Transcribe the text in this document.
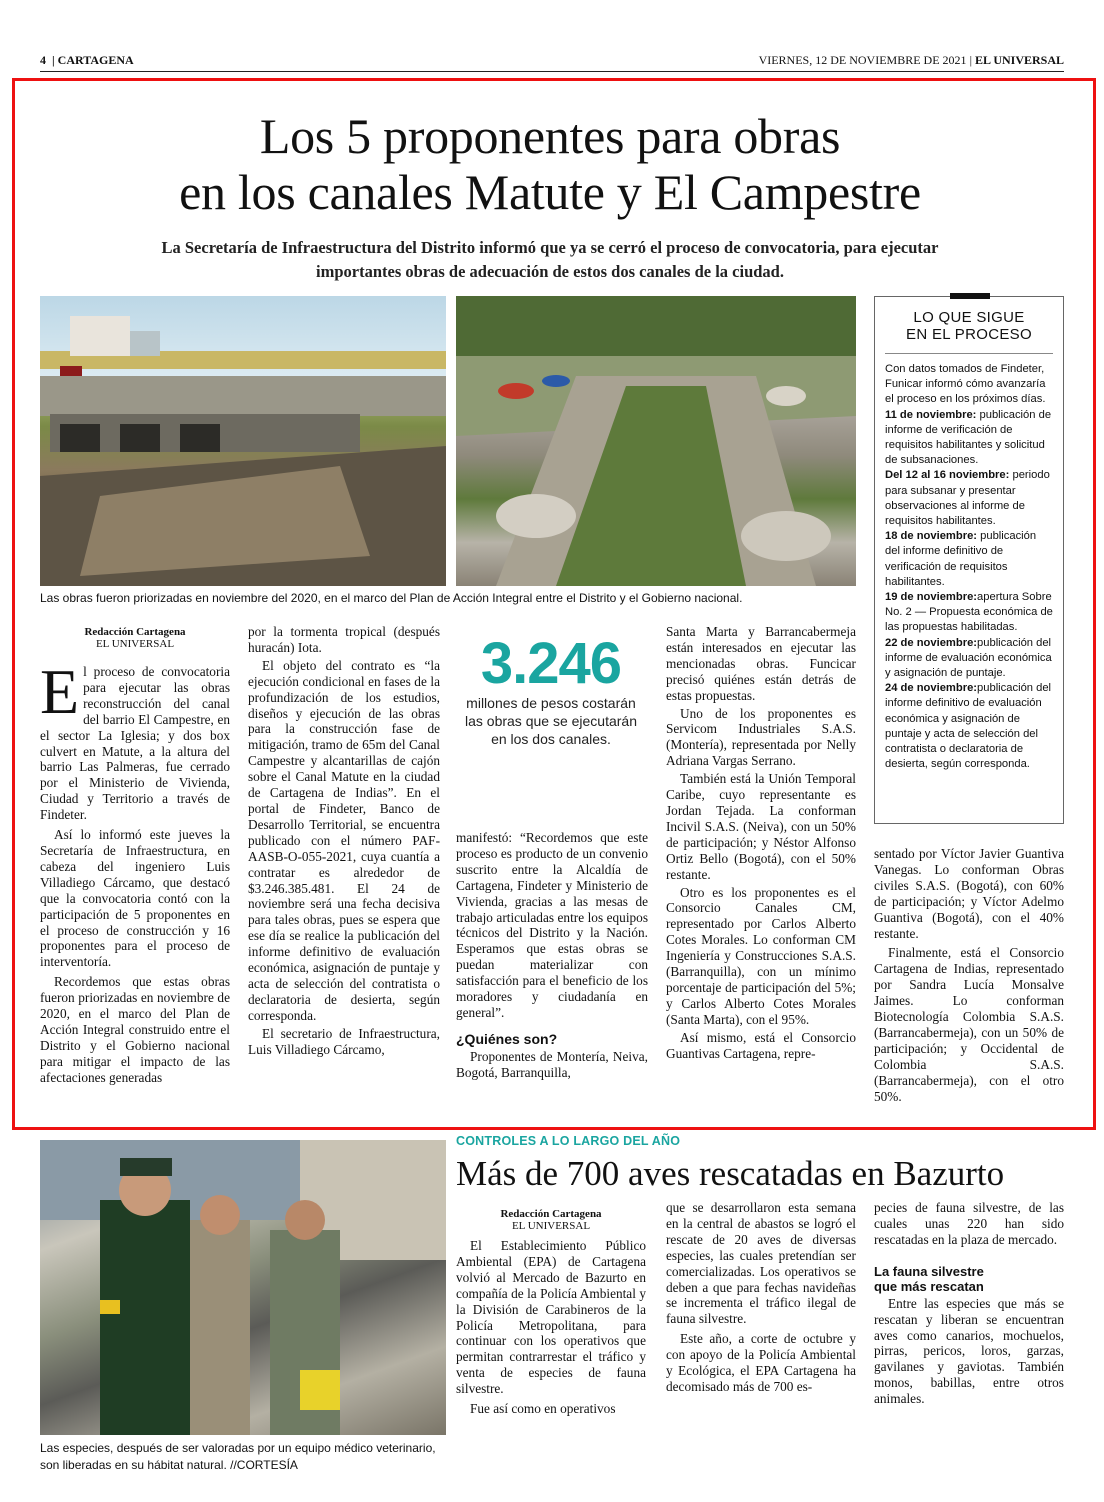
4  | CARTAGENA	VIERNES, 12 DE NOVIEMBRE DE 2021 | EL UNIVERSAL
Los 5 proponentes para obras
en los canales Matute y El Campestre
La Secretaría de Infraestructura del Distrito informó que ya se cerró el proceso de convocatoria, para ejecutar
importantes obras de adecuación de estos dos canales de la ciudad.
Las obras fueron priorizadas en noviembre del 2020, en el marco del Plan de Acción Integral entre el Distrito y el Gobierno nacional.
LO QUE SIGUE
EN EL PROCESO

Con datos tomados de Findeter, Funicar informó cómo avanzaría el proceso en los próximos días.

11 de noviembre: publicación de informe de verificación de requisitos habilitantes y solicitud de subsanaciones.

Del 12 al 16 noviembre: periodo para subsanar y presentar observaciones al informe de requisitos habilitantes.

18 de noviembre: publicación del informe definitivo de verificación de requisitos habilitantes.

19 de noviembre:apertura Sobre No. 2 — Propuesta económica de las propuestas habilitadas.

22 de noviembre:publicación del informe de evaluación económica y asignación de puntaje.

24 de noviembre:publicación del informe definitivo de evaluación económica y asignación de puntaje y acta de selección del contratista o declaratoria de desierta, según corresponda.

Redacción Cartagena
EL UNIVERSAL

El proceso de convocatoria para ejecutar las obras reconstrucción del canal del barrio El Campestre, en el sector La Iglesia; y dos box culvert en Matute, a la altura del barrio Las Palmeras, fue cerrado por el Ministerio de Vivienda, Ciudad y Territorio a través de Findeter.

Así lo informó este jueves la Secretaría de Infraestructura, en cabeza del ingeniero Luis Villadiego Cárcamo, que destacó que la convocatoria contó con la participación de 5 proponentes en el proceso de construcción y 16 proponentes para el proceso de interventoría.

Recordemos que estas obras fueron priorizadas en noviembre de 2020, en el marco del Plan de Acción Integral construido entre el Distrito y el Gobierno nacional para mitigar el impacto de las afectaciones generadas

por la tormenta tropical (después huracán) Iota.

El objeto del contrato es “la ejecución condicional en fases de la profundización de los estudios, diseños y ejecución de las obras para la construcción fase de mitigación, tramo de 65m del Canal Campestre y alcantarillas de cajón sobre el Canal Matute en la ciudad de Cartagena de Indias”. En el portal de Findeter, Banco de Desarrollo Territorial, se encuentra publicado con el número PAF-AASB-O-055-2021, cuya cuantía a contratar es alrededor de $3.246.385.481. El 24 de noviembre será una fecha decisiva para tales obras, pues se espera que ese día se realice la publicación del informe definitivo de evaluación económica, asignación de puntaje y acta de selección del contratista o declaratoria de desierta, según corresponda.

El secretario de Infraestructura, Luis Villadiego Cárcamo,

3.246
millones de pesos costarán las obras que se ejecutarán en los dos canales.

manifestó: “Recordemos que este proceso es producto de un convenio suscrito entre la Alcaldía de Cartagena, Findeter y Ministerio de Vivienda, gracias a las mesas de trabajo articuladas entre los equipos técnicos del Distrito y la Nación. Esperamos que estas obras se puedan materializar con satisfacción para el beneficio de los moradores y ciudadanía en general”.

¿Quiénes son?

Proponentes de Montería, Neiva, Bogotá, Barranquilla,

Santa Marta y Barrancabermeja están interesados en ejecutar las mencionadas obras. Funcicar precisó quiénes están detrás de estas propuestas.

Uno de los proponentes es Servicom Industriales S.A.S. (Montería), representada por Nelly Adriana Vargas Serrano.

También está la Unión Temporal Caribe, cuyo representante es Jordan Tejada. La conforman Incivil S.A.S. (Neiva), con un 50% de participación; y Néstor Alfonso Ortiz Bello (Bogotá), con el 50% restante.

Otro es los proponentes es el Consorcio Canales CM, representado por Carlos Alberto Cotes Morales. Lo conforman CM Ingeniería y Construcciones S.A.S. (Barranquilla), con un mínimo porcentaje de participación del 5%; y Carlos Alberto Cotes Morales (Santa Marta), con el 95%.

Así mismo, está el Consorcio Guantivas Cartagena, repre-

sentado por Víctor Javier Guantiva Vanegas. Lo conforman Obras civiles S.A.S. (Bogotá), con 60% de participación; y Víctor Adelmo Guantiva (Bogotá), con el 40% restante.

Finalmente, está el Consorcio Cartagena de Indias, representado por Sandra Lucía Monsalve Jaimes. Lo conforman Biotecnología Colombia S.A.S. (Barrancabermeja), con un 50% de participación; y Occidental de Colombia S.A.S. (Barrancabermeja), con el otro 50%.

Las especies, después de ser valoradas por un equipo médico veterinario, son liberadas en su hábitat natural. //CORTESÍA
CONTROLES A LO LARGO DEL AÑO
Más de 700 aves rescatadas en Bazurto
Redacción Cartagena
EL UNIVERSAL

El Establecimiento Público Ambiental (EPA) de Cartagena volvió al Mercado de Bazurto en compañía de la Policía Ambiental y la División de Carabineros de la Policía Metropolitana, para continuar con los operativos que permitan contrarrestar el tráfico y venta de especies de fauna silvestre.

Fue así como en operativos

que se desarrollaron esta semana en la central de abastos se logró el rescate de 20 aves de diversas especies, las cuales pretendían ser comercializadas. Los operativos se deben a que para fechas navideñas se incrementa el tráfico ilegal de fauna silvestre.

Este año, a corte de octubre y con apoyo de la Policía Ambiental y Ecológica, el EPA Cartagena ha decomisado más de 700 es-

pecies de fauna silvestre, de las cuales unas 220 han sido rescatadas en la plaza de mercado.

La fauna silvestre
que más rescatan

Entre las especies que más se rescatan y liberan se encuentran aves como canarios, mochuelos, pirras, pericos, loros, garzas, gavilanes y gaviotas. También monos, babillas, entre otros animales.
